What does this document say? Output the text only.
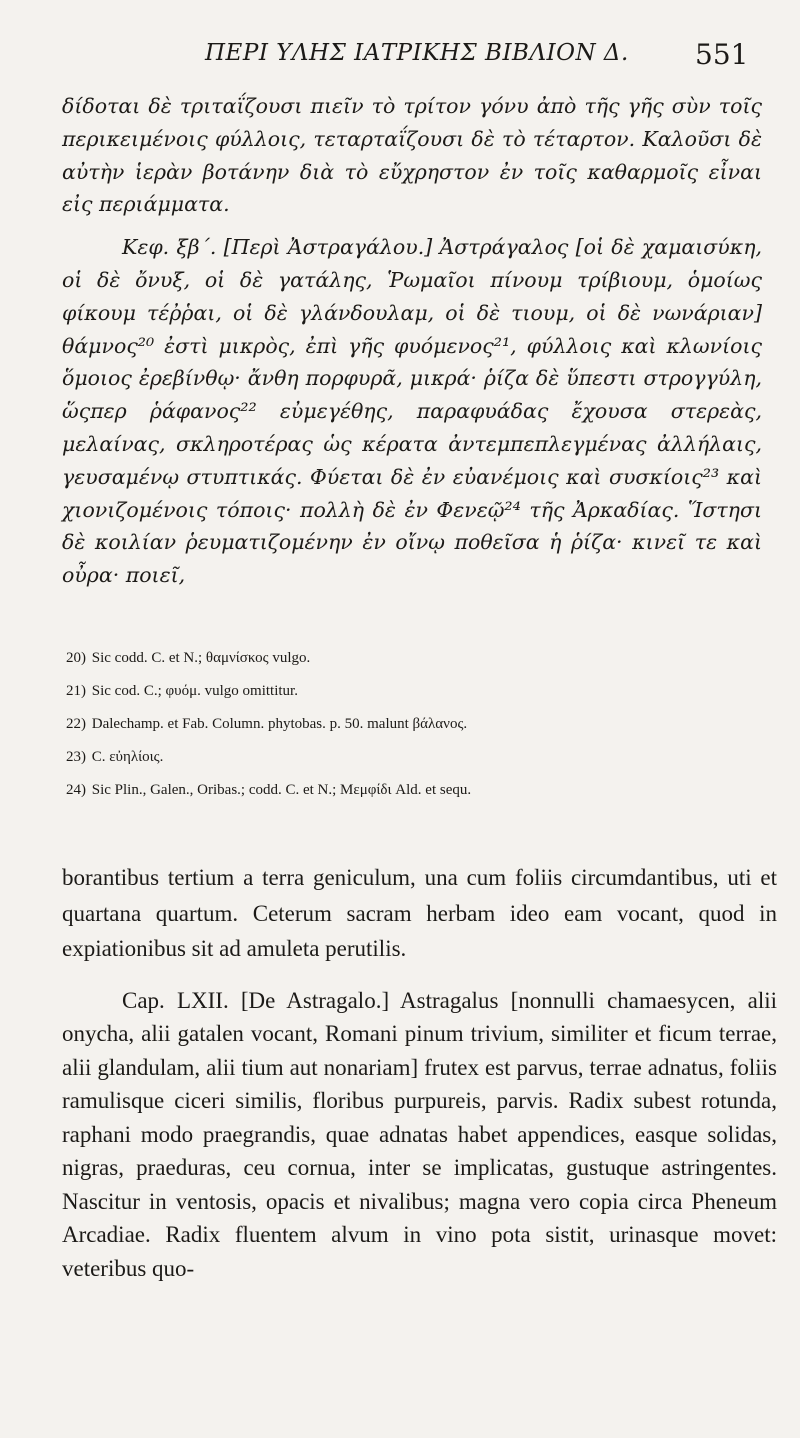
ΠΕΡΙ ΥΛΗΣ ΙΑΤΡΙΚΗΣ ΒΙΒΛΙΟΝ Δ. 551

δίδοται δὲ τριταΐζουσι πιεῖν τὸ τρίτον γόνυ ἀπὸ τῆς γῆς σὺν τοῖς περικειμένοις φύλλοις, τεταρταΐζουσι δὲ τὸ τέταρτον. Καλοῦσι δὲ αὐτὴν ἱερὰν βοτάνην διὰ τὸ εὔχρηστον ἐν τοῖς καθαρμοῖς εἶναι εἰς περιάμματα.

Κεφ. ξβ΄. [Περὶ Ἀστραγάλου.] Ἀστράγαλος [οἱ δὲ χαμαισύκη, οἱ δὲ ὄνυξ, οἱ δὲ γατάλης, Ῥωμαῖοι πίνουμ τρίβιουμ, ὁμοίως φίκουμ τέῤῥαι, οἱ δὲ γλάνδουλαμ, οἱ δὲ τιουμ, οἱ δὲ νωνάριαν] θάμνος²⁰ ἐστὶ μικρὸς, ἐπὶ γῆς φυόμενος²¹, φύλλοις καὶ κλωνίοις ὅμοιος ἐρεβίνθῳ· ἄνθη πορφυρᾶ, μικρά· ῥίζα δὲ ὕπεστι στρογγύλη, ὥςπερ ῥάφανος²² εὐμεγέθης, παραφυάδας ἔχουσα στερεὰς, μελαίνας, σκληροτέρας ὡς κέρατα ἀντεμπεπλεγμένας ἀλλήλαις, γευσαμένῳ στυπτικάς. Φύεται δὲ ἐν εὐανέμοις καὶ συσκίοις²³ καὶ χιονιζομένοις τόποις· πολλὴ δὲ ἐν Φενεῷ²⁴ τῆς Ἀρκαδίας. Ἵστησι δὲ κοιλίαν ῥευματιζομένην ἐν οἴνῳ ποθεῖσα ἡ ῥίζα· κινεῖ τε καὶ οὖρα· ποιεῖ,

20) Sic codd. C. et N.; θαμνίσκος vulgo.
21) Sic cod. C.; φυόμ. vulgo omittitur.
22) Dalechamp. et Fab. Column. phytobas. p. 50. malunt βάλανος.
23) C. εὐηλίοις.
24) Sic Plin., Galen., Oribas.; codd. C. et N.; Μεμφίδι Ald. et sequ.

borantibus tertium a terra geniculum, una cum foliis circumdantibus, uti et quartana quartum. Ceterum sacram herbam ideo eam vocant, quod in expiationibus sit ad amuleta perutilis.

Cap. LXII. [De Astragalo.] Astragalus [nonnulli chamaesycen, alii onycha, alii gatalen vocant, Romani pinum trivium, similiter et ficum terrae, alii glandulam, alii tium aut nonariam] frutex est parvus, terrae adnatus, foliis ramulisque ciceri similis, floribus purpureis, parvis. Radix subest rotunda, raphani modo praegrandis, quae adnatas habet appendices, easque solidas, nigras, praeduras, ceu cornua, inter se implicatas, gustuque astringentes. Nascitur in ventosis, opacis et nivalibus; magna vero copia circa Pheneum Arcadiae. Radix fluentem alvum in vino pota sistit, urinasque movet: veteribus quo-
